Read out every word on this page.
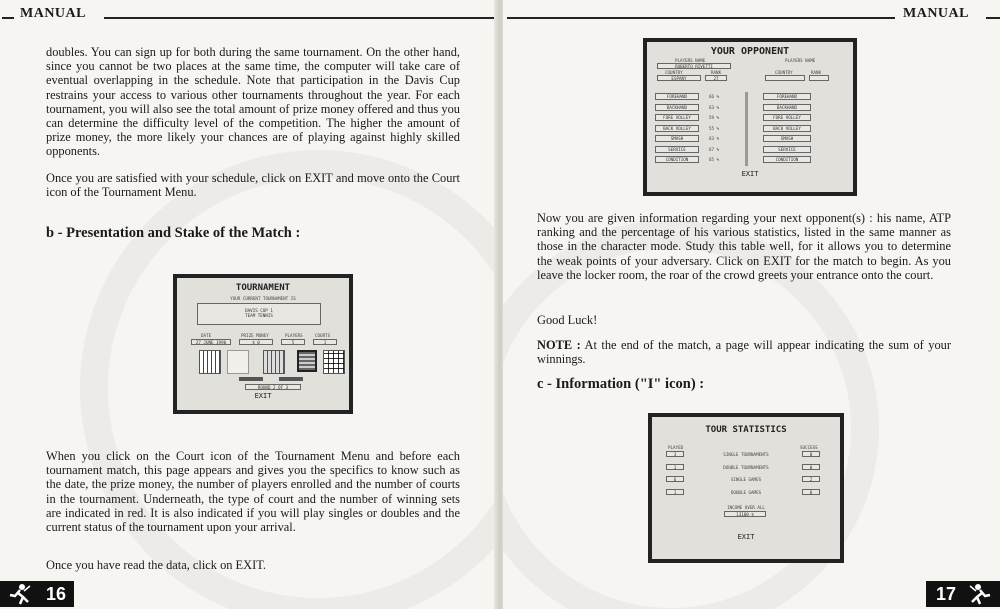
MANUAL
doubles. You can sign up for both during the same tournament. On the other hand, since you cannot be two places at the same time, the computer will take care of eventual overlapping in the schedule. Note that participation in the Davis Cup restrains your access to various other tournaments throughout the year. For each tournament, you will also see the total amount of prize money offered and thus you can determine the difficulty level of the competition. The higher the amount of prize money, the more likely your chances are of playing against highly skilled opponents.
Once you are satisfied with your schedule, click on EXIT and move onto the Court icon of the Tournament Menu.
b - Presentation and Stake of the Match :
TOURNAMENT
YOUR CURRENT TOURNAMENT IS
DAVIS CUP 1
TEAM TENNIS
DATE	PRIZE MONEY	PLAYERS	COURTS
27 JUNE 1990	$ 0	5	1
ROUND 2 OF 3
EXIT
When you click on the Court icon of the Tournament Menu and before each tournament match, this page appears and gives you the specifics to know such as the date, the prize money, the number of players enrolled and the number of courts in the tournament. Underneath, the type of court and the number of winning sets are indicated in red. It is also indicated if you will play singles or doubles and the current status of the tournament upon your arrival.
Once you have read the data, click on EXIT.
16
MANUAL
YOUR OPPONENT
PLAYERS NAME	PLAYERS NAME
ROBERTO RIVETTI
COUNTRY	RANK	COUNTRY	RANK
ESPANY	27
FOREHAND	66 %	FOREHAND
BACKHAND	63 %	BACKHAND
FORE VOLLEY	59 %	FORE VOLLEY
BACK VOLLEY	55 %	BACK VOLLEY
SMASH	63 %	SMASH
SERVICE	67 %	SERVICE
CONDITION	65 %	CONDITION
EXIT
Now you are given information regarding your next opponent(s) : his name, ATP ranking and the percentage of his various statistics, listed in the same manner as those in the character mode. Study this table well, for it allows you to determine the weak points of your adversary. Click on EXIT for the match to begin. As you leave the locker room, the roar of the crowd greets your entrance onto the court.
Good Luck!
NOTE : At the end of the match, a page will appear indicating the sum of your winnings.
c - Information ("I" icon) :
TOUR STATISTICS
PLAYED	SUCCESS
3	SINGLE TOURNAMENTS	0
1	DOUBLE TOURNAMENTS	0
6	SINGLE GAMES	2
1	DOUBLE GAMES	0
INCOME OVER ALL
13100 $
EXIT
17
